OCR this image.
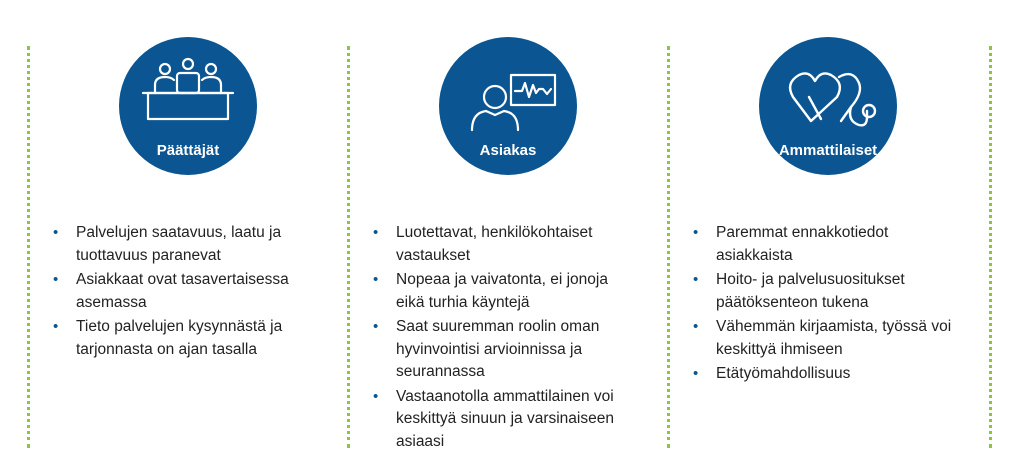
Päättäjät
• Palvelujen saatavuus, laatu ja tuottavuus paranevat
• Asiakkaat ovat tasavertaisessa asemassa
• Tieto palvelujen kysynnästä ja tarjonnasta on ajan tasalla
Asiakas
• Luotettavat, henkilökohtaiset vastaukset
• Nopeaa ja vaivatonta, ei jonoja eikä turhia käyntejä
• Saat suuremman roolin oman hyvinvointisi arvioinnissa ja seurannassa
• Vastaanotolla ammattilainen voi keskittyä sinuun ja varsinaiseen asiaasi
Ammattilaiset
• Paremmat ennakkotiedot asiakkaista
• Hoito- ja palvelusuositukset päätöksenteon tukena
• Vähemmän kirjaamista, työssä voi keskittyä ihmiseen
• Etätyömahdollisuus
